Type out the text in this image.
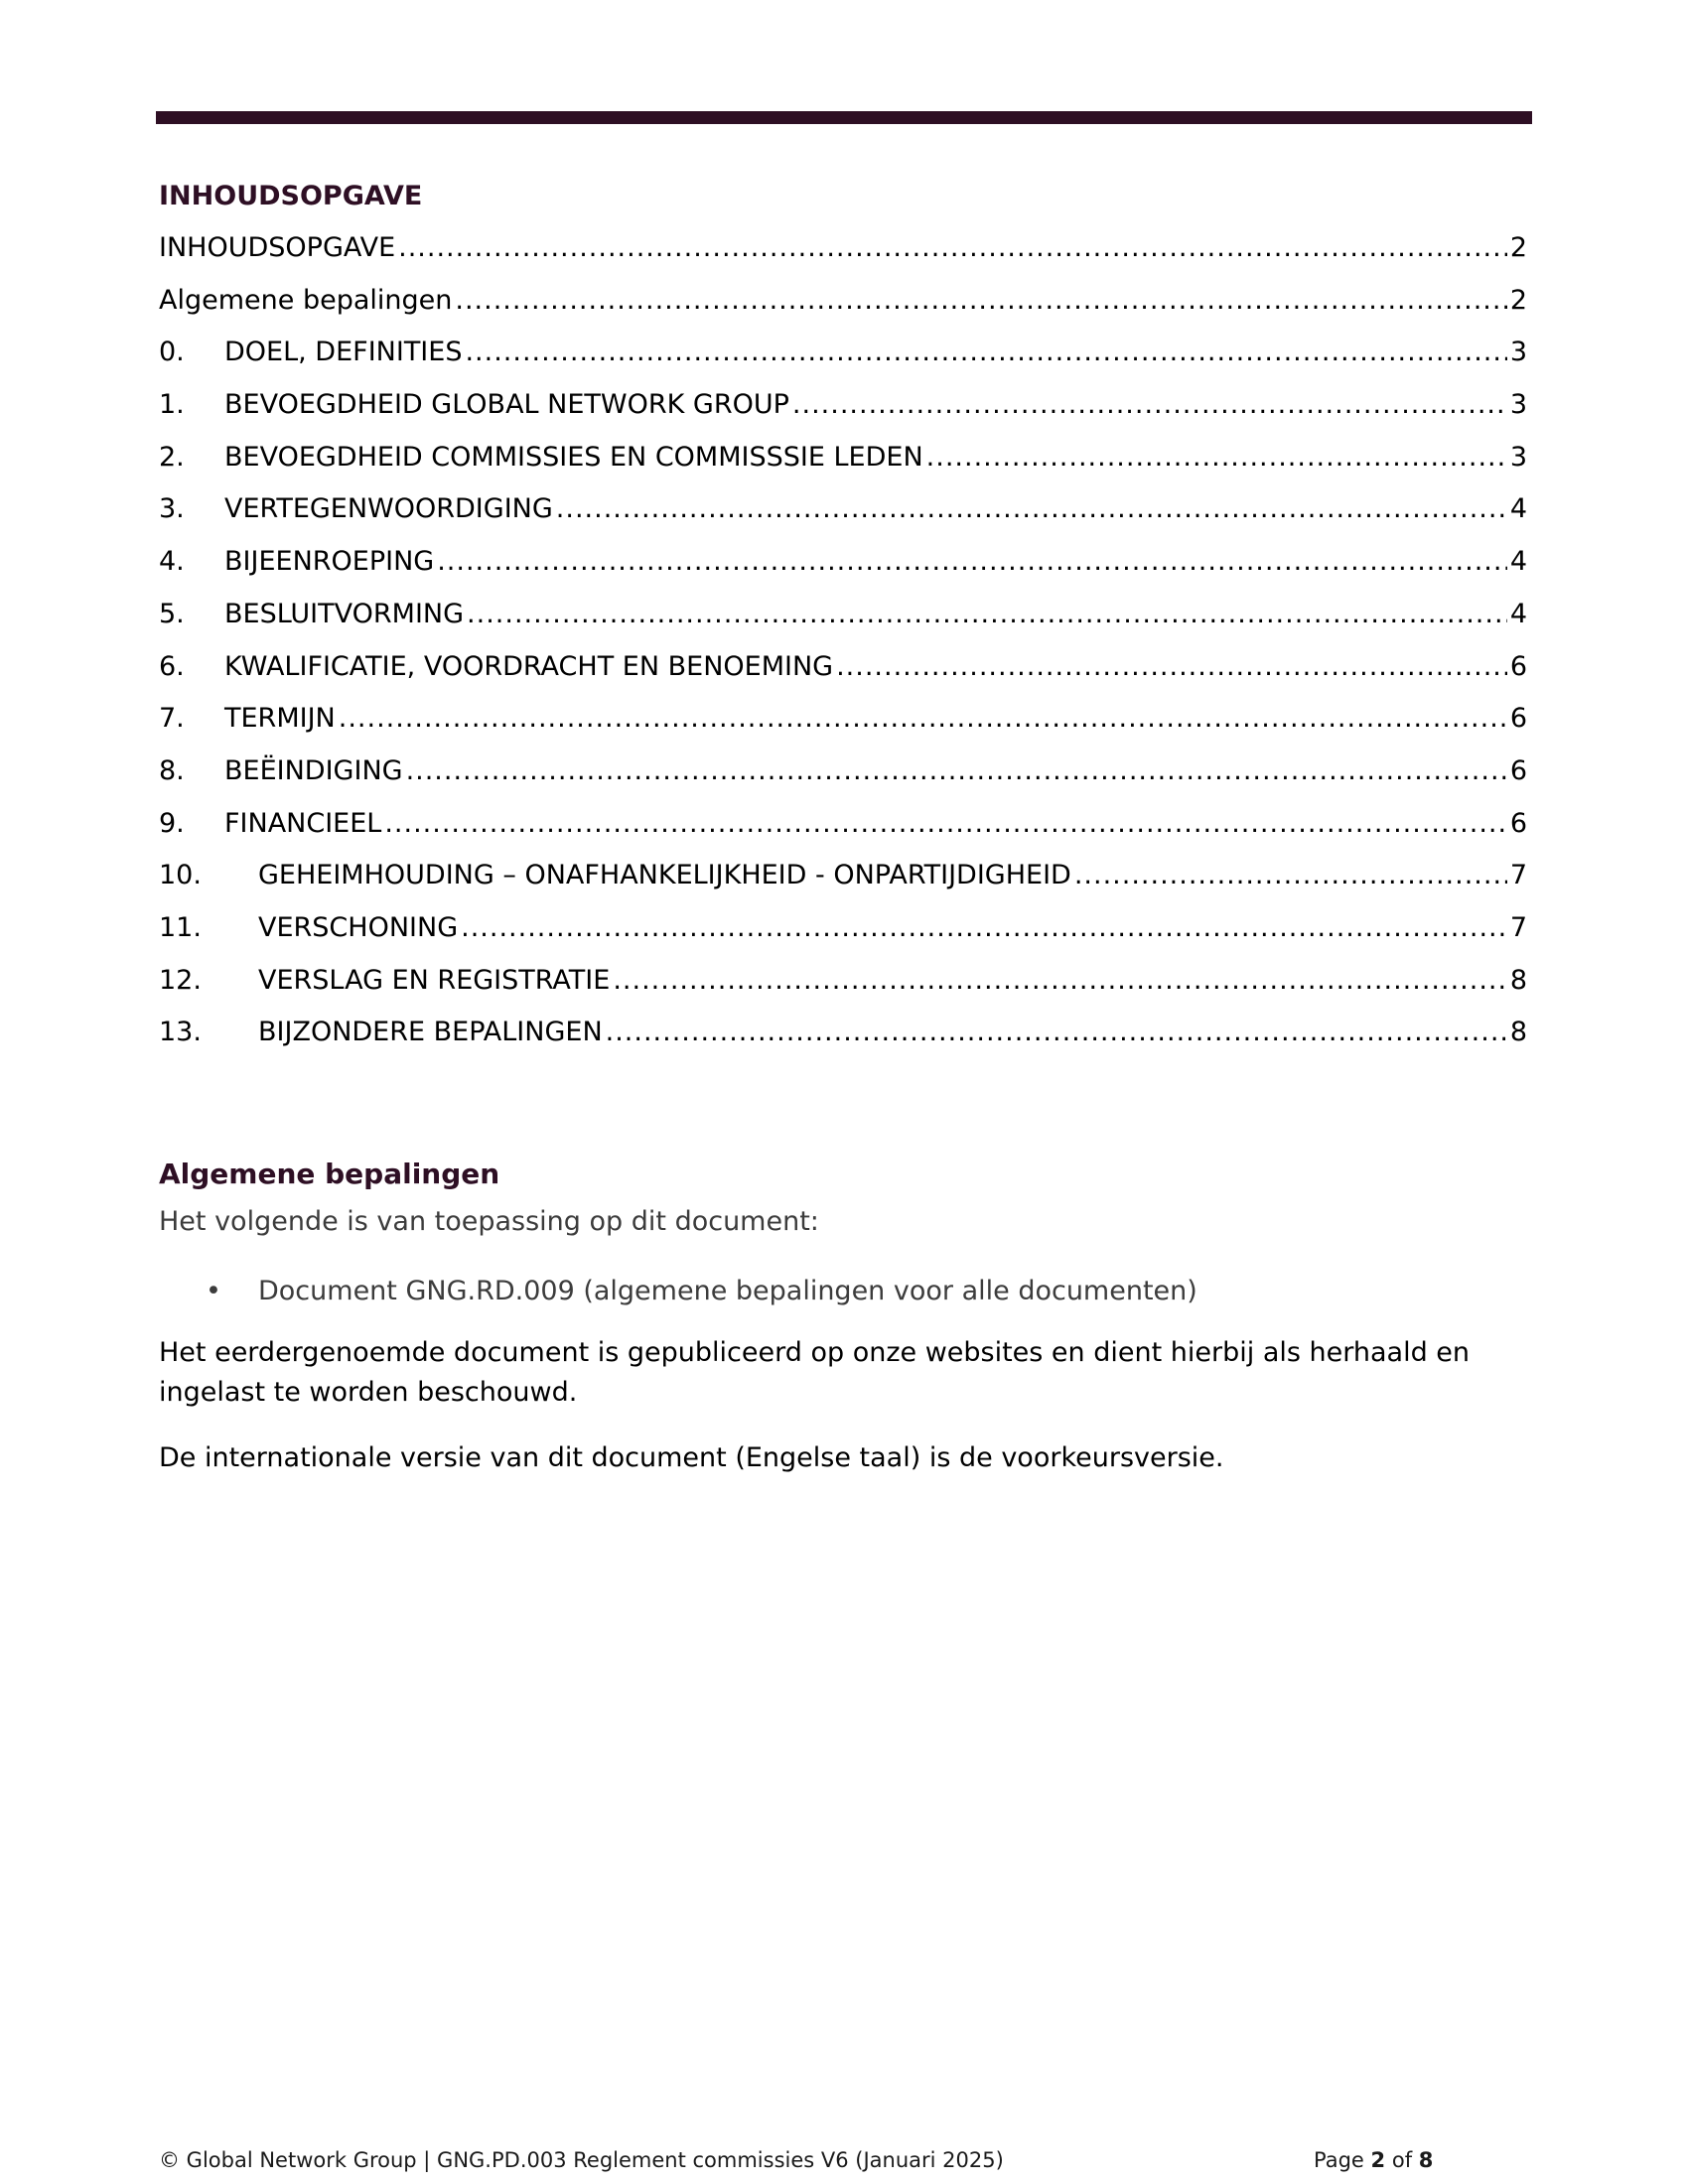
INHOUDSOPGAVE
INHOUDSOPGAVE .....	2
Algemene bepalingen .....	2
0.	DOEL, DEFINITIES .....	3
1.	BEVOEGDHEID GLOBAL NETWORK GROUP .....	3
2.	BEVOEGDHEID COMMISSIES EN COMMISSSIE LEDEN .....	3
3.	VERTEGENWOORDIGING .....	4
4.	BIJEENROEPING .....	4
5.	BESLUITVORMING .....	4
6.	KWALIFICATIE, VOORDRACHT EN BENOEMING .....	6
7.	TERMIJN .....	6
8.	BEËINDIGING .....	6
9.	FINANCIEEL .....	6
10.	GEHEIMHOUDING – ONAFHANKELIJKHEID - ONPARTIJDIGHEID .....	7
11.	VERSCHONING .....	7
12.	VERSLAG EN REGISTRATIE .....	8
13.	BIJZONDERE BEPALINGEN .....	8
Algemene bepalingen

Het volgende is van toepassing op dit document:

• Document GNG.RD.009 (algemene bepalingen voor alle documenten)

Het eerdergenoemde document is gepubliceerd op onze websites en dient hierbij als herhaald en ingelast te worden beschouwd.

De internationale versie van dit document (Engelse taal) is de voorkeursversie.

© Global Network Group | GNG.PD.003 Reglement commissies V6 (Januari 2025)	Page 2 of 8
